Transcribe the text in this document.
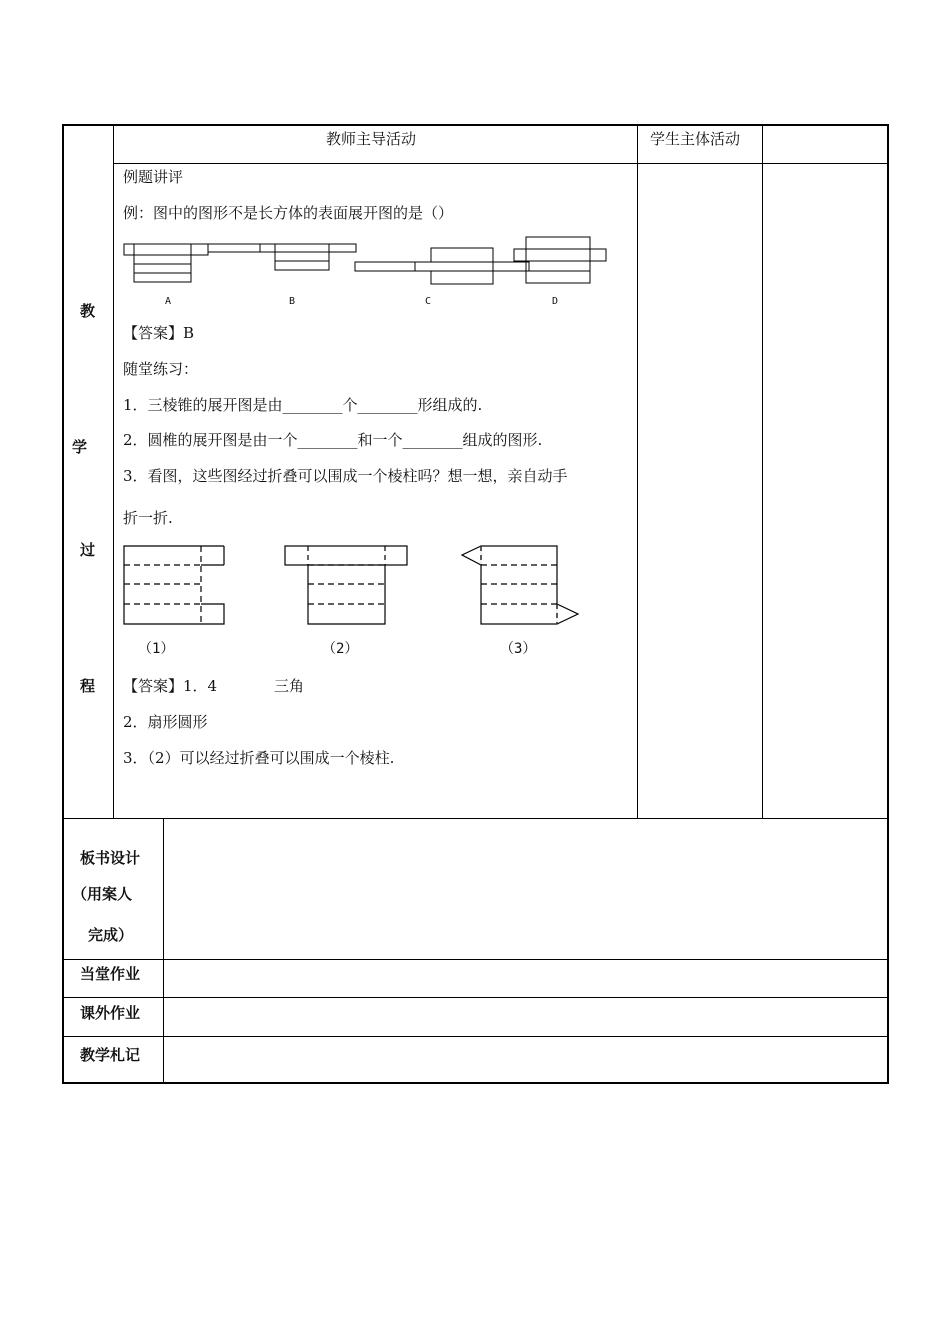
教师主导活动	学生主体活动
教
学
过
程
例题讲评
例：图中的图形不是长方体的表面展开图的是（）
A	B	C	D
【答案】B
随堂练习：
1．三棱锥的展开图是由________个________形组成的.
2．圆椎的展开图是由一个________和一个________组成的图形.
3．看图，这些图经过折叠可以围成一个棱柱吗？想一想，亲自动手
折一折.
（1）	（2）	（3）
【答案】1．4	三角
2．扇形圆形
3．（2）可以经过折叠可以围成一个棱柱.
板书设计
（用案人
完成）
当堂作业
课外作业
教学札记
